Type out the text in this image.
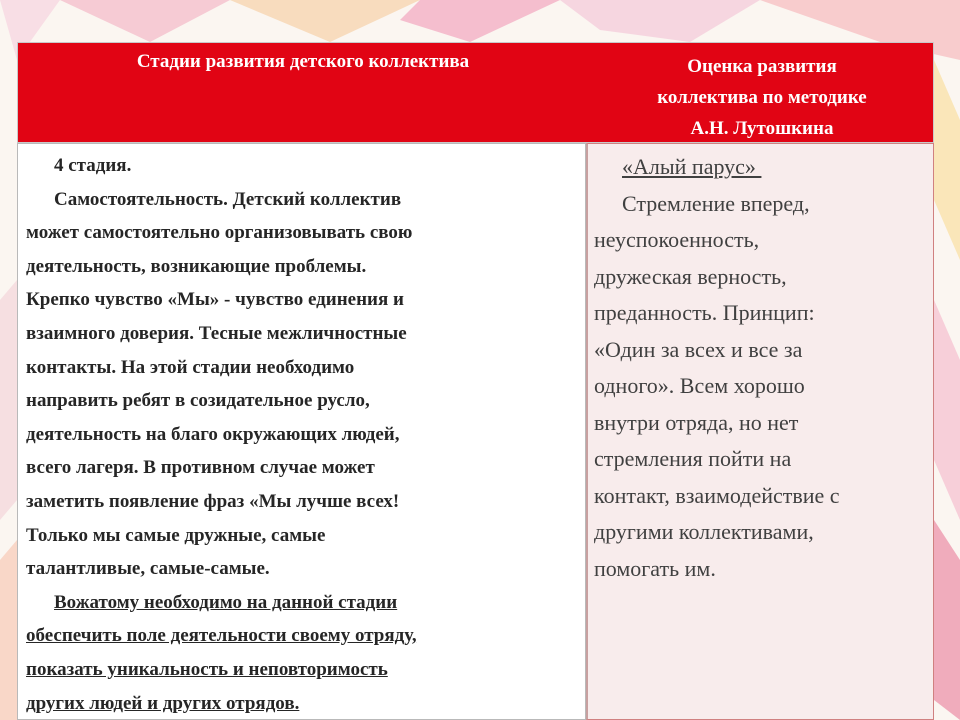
Стадии развития детского коллектива	Оценка развития
коллектива по методике
А.Н. Лутошкина
4 стадия.
Самостоятельность. Детский коллектив
может самостоятельно организовывать свою
деятельность, возникающие проблемы.
Крепко чувство «Мы» - чувство единения и
взаимного доверия. Тесные межличностные
контакты. На этой стадии необходимо
направить ребят в созидательное русло,
деятельность на благо окружающих людей,
всего лагеря. В противном случае может
заметить появление фраз «Мы лучше всех!
Только мы самые дружные, самые
талантливые, самые-самые.
Вожатому необходимо на данной стадии
обеспечить поле деятельности своему отряду,
показать уникальность и неповторимость
других людей и других отрядов.
«Алый парус»
Стремление вперед,
неуспокоенность,
дружеская верность,
преданность. Принцип:
«Один за всех и все за
одного». Всем хорошо
внутри отряда, но нет
стремления пойти на
контакт, взаимодействие с
другими коллективами,
помогать им.
